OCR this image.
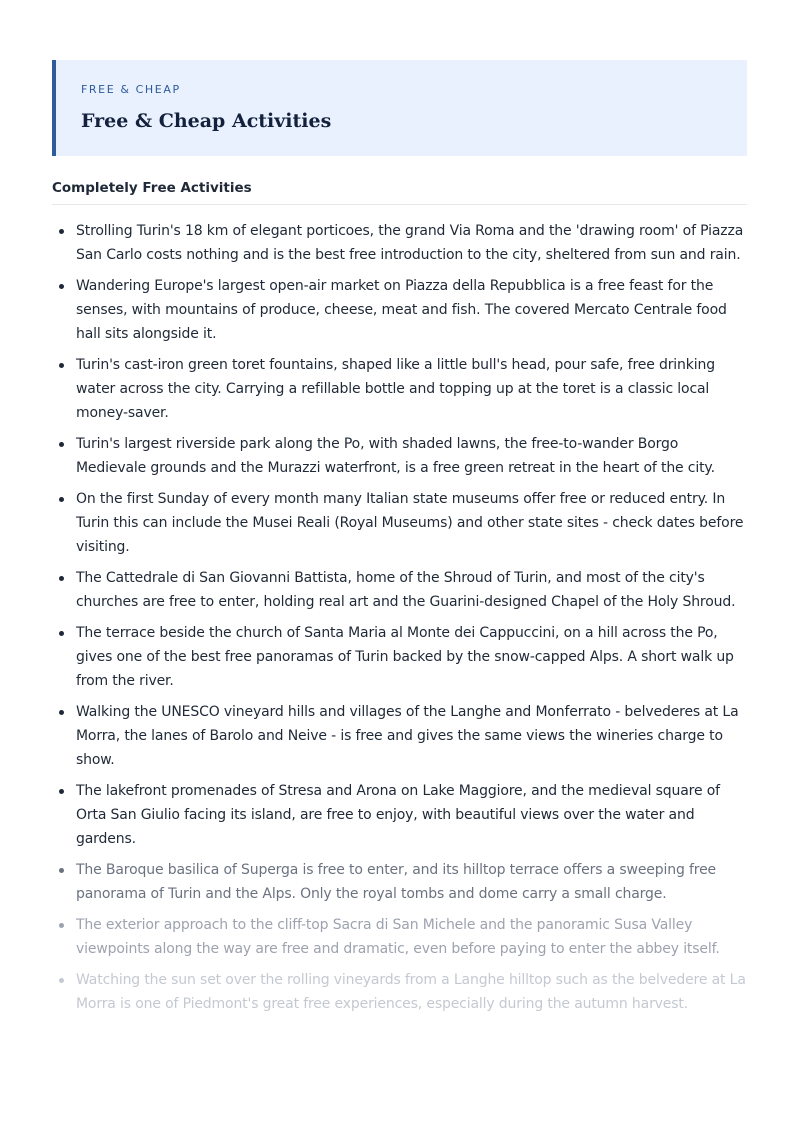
FREE & CHEAP
Free & Cheap Activities
Completely Free Activities
Strolling Turin's 18 km of elegant porticoes, the grand Via Roma and the 'drawing room' of Piazza San Carlo costs nothing and is the best free introduction to the city, sheltered from sun and rain.
Wandering Europe's largest open-air market on Piazza della Repubblica is a free feast for the senses, with mountains of produce, cheese, meat and fish. The covered Mercato Centrale food hall sits alongside it.
Turin's cast-iron green toret fountains, shaped like a little bull's head, pour safe, free drinking water across the city. Carrying a refillable bottle and topping up at the toret is a classic local money-saver.
Turin's largest riverside park along the Po, with shaded lawns, the free-to-wander Borgo Medievale grounds and the Murazzi waterfront, is a free green retreat in the heart of the city.
On the first Sunday of every month many Italian state museums offer free or reduced entry. In Turin this can include the Musei Reali (Royal Museums) and other state sites - check dates before visiting.
The Cattedrale di San Giovanni Battista, home of the Shroud of Turin, and most of the city's churches are free to enter, holding real art and the Guarini-designed Chapel of the Holy Shroud.
The terrace beside the church of Santa Maria al Monte dei Cappuccini, on a hill across the Po, gives one of the best free panoramas of Turin backed by the snow-capped Alps. A short walk up from the river.
Walking the UNESCO vineyard hills and villages of the Langhe and Monferrato - belvederes at La Morra, the lanes of Barolo and Neive - is free and gives the same views the wineries charge to show.
The lakefront promenades of Stresa and Arona on Lake Maggiore, and the medieval square of Orta San Giulio facing its island, are free to enjoy, with beautiful views over the water and gardens.
The Baroque basilica of Superga is free to enter, and its hilltop terrace offers a sweeping free panorama of Turin and the Alps. Only the royal tombs and dome carry a small charge.
The exterior approach to the cliff-top Sacra di San Michele and the panoramic Susa Valley viewpoints along the way are free and dramatic, even before paying to enter the abbey itself.
Watching the sun set over the rolling vineyards from a Langhe hilltop such as the belvedere at La Morra is one of Piedmont's great free experiences, especially during the autumn harvest.
